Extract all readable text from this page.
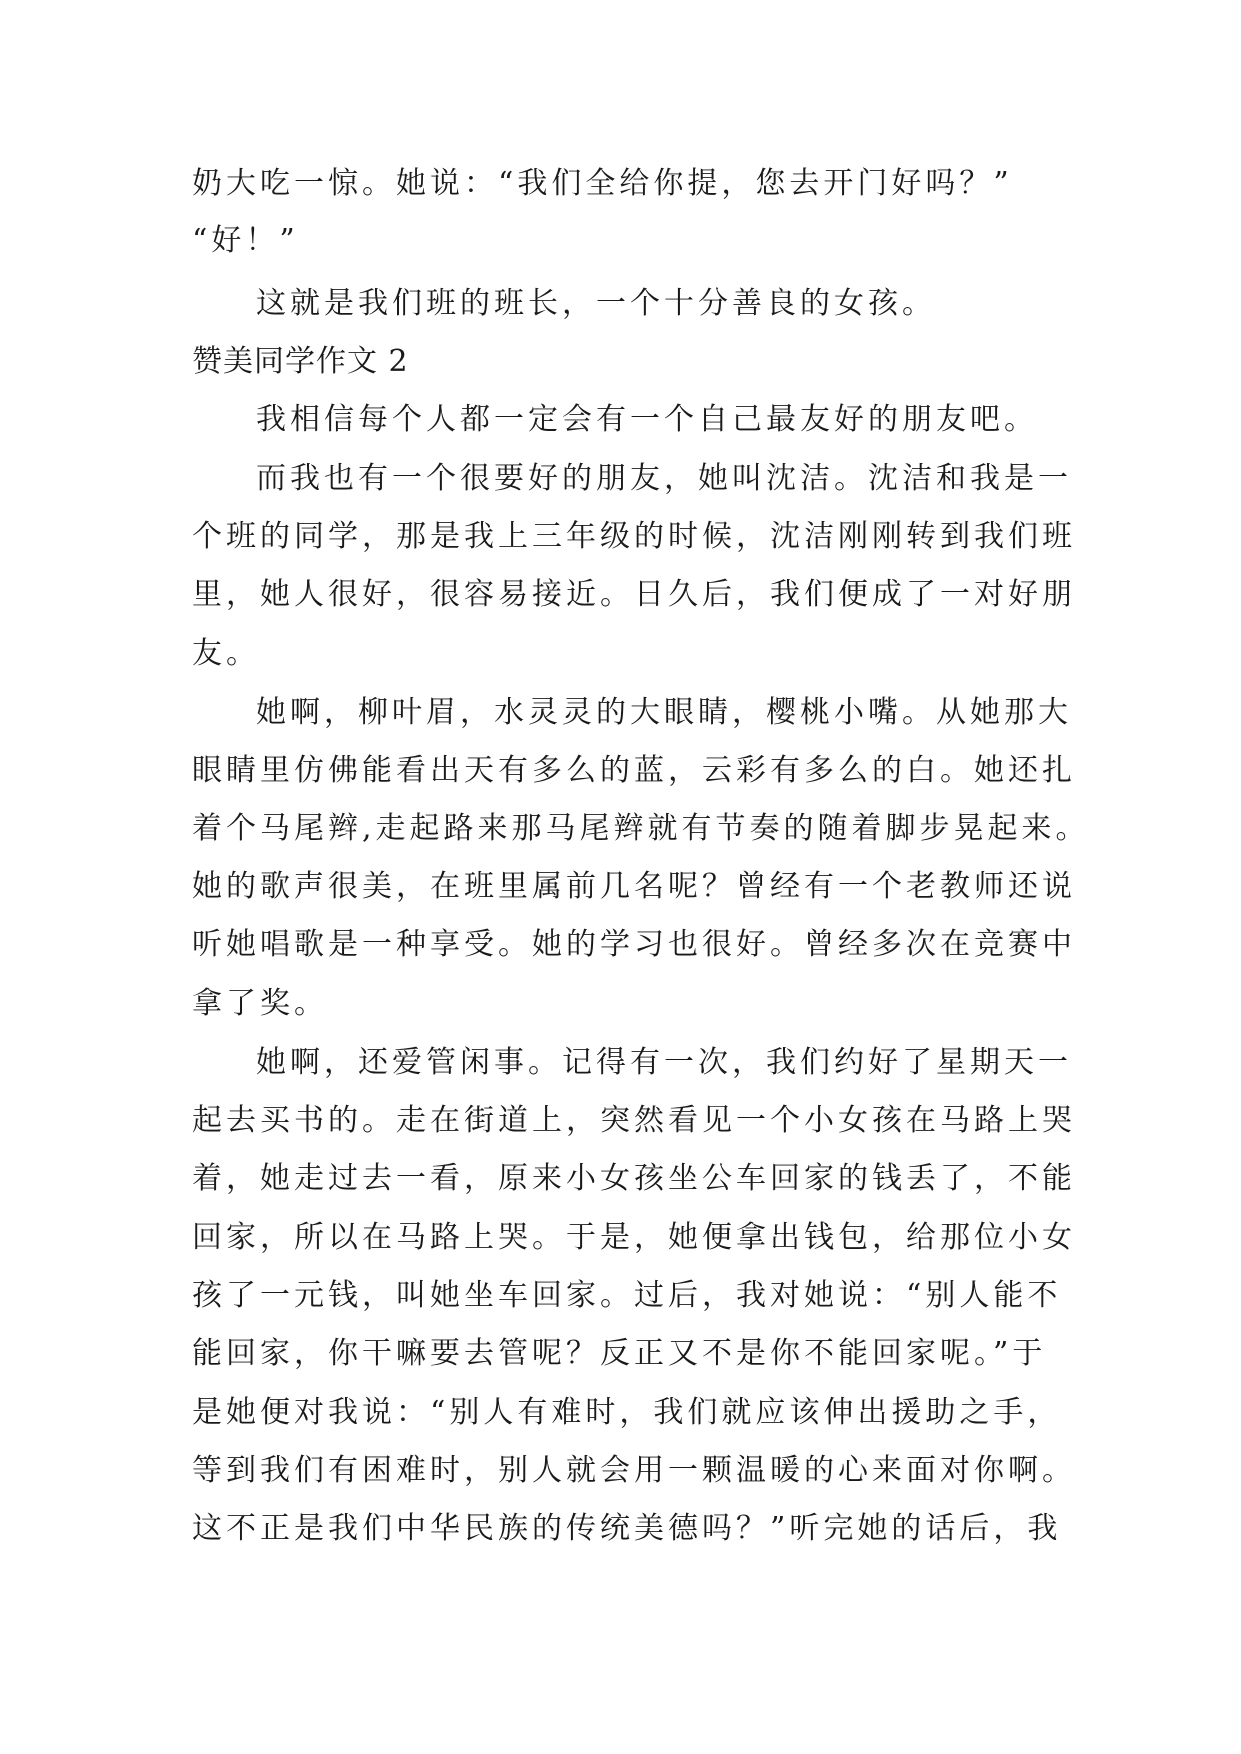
奶大吃一惊。她说：“我们全给你提，您去开门好吗？”
“好！”
这就是我们班的班长，一个十分善良的女孩。
赞美同学作文 2
我相信每个人都一定会有一个自己最友好的朋友吧。
而我也有一个很要好的朋友，她叫沈洁。沈洁和我是一
个班的同学，那是我上三年级的时候，沈洁刚刚转到我们班
里，她人很好，很容易接近。日久后，我们便成了一对好朋
友。
她啊，柳叶眉，水灵灵的大眼睛，樱桃小嘴。从她那大
眼睛里仿佛能看出天有多么的蓝，云彩有多么的白。她还扎
着个马尾辫,走起路来那马尾辫就有节奏的随着脚步晃起来。
她的歌声很美，在班里属前几名呢？曾经有一个老教师还说
听她唱歌是一种享受。她的学习也很好。曾经多次在竞赛中
拿了奖。
她啊，还爱管闲事。记得有一次，我们约好了星期天一
起去买书的。走在街道上，突然看见一个小女孩在马路上哭
着，她走过去一看，原来小女孩坐公车回家的钱丢了，不能
回家，所以在马路上哭。于是，她便拿出钱包，给那位小女
孩了一元钱，叫她坐车回家。过后，我对她说：“别人能不
能回家，你干嘛要去管呢？反正又不是你不能回家呢。”于
是她便对我说：“别人有难时，我们就应该伸出援助之手，
等到我们有困难时，别人就会用一颗温暖的心来面对你啊。
这不正是我们中华民族的传统美德吗？”听完她的话后，我
